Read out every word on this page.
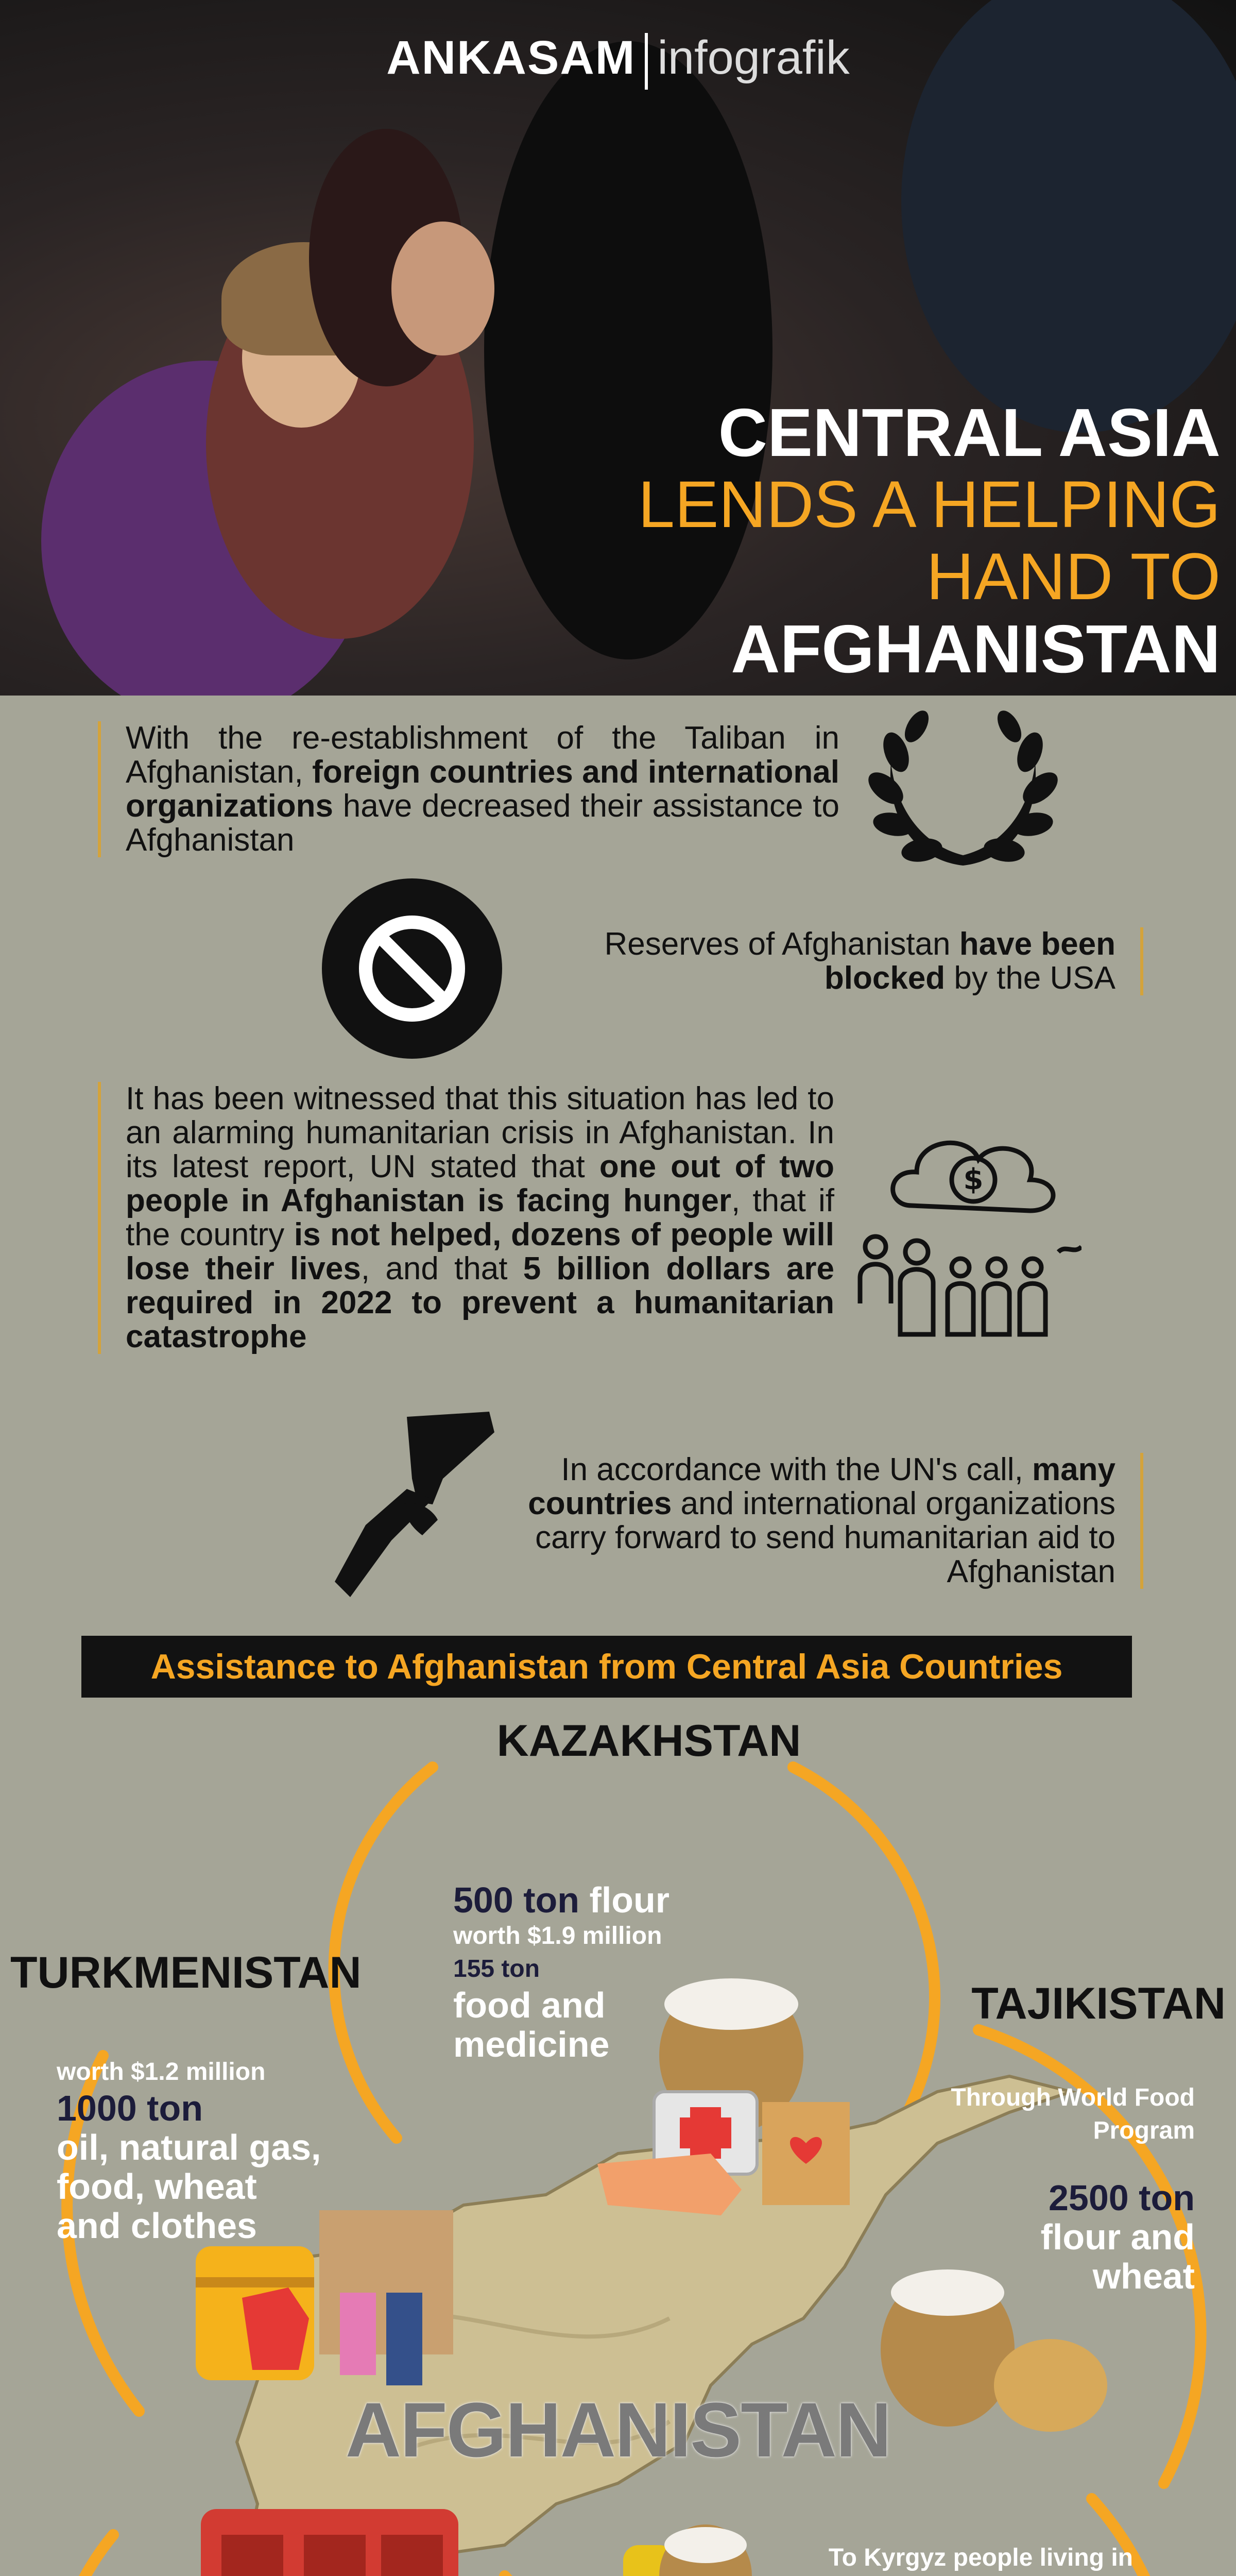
ANKASAM infografik
CENTRAL ASIA
LENDS A HELPING
HAND TO
AFGHANISTAN
With the re-establishment of the Taliban in Afghanistan, foreign countries and international organizations have decreased their assistance to Afghanistan
Reserves of Afghanistan have been blocked by the USA
It has been witnessed that this situation has led to an alarming humanitarian crisis in Afghanistan. In its latest report, UN stated that one out of two people in Afghanistan is facing hunger, that if the country is not helped, dozens of people will lose their lives, and that 5 billion dollars are required in 2022 to prevent a humanitarian catastrophe
$
In accordance with the UN's call, many countries and international organizations carry forward to send humanitarian aid to Afghanistan
Assistance to Afghanistan from Central Asia Countries
AFGHANISTAN
KAZAKHSTAN
500 ton flour
worth $1.9 million
155 ton
food and
medicine
TURKMENISTAN
worth $1.2 million
1000 ton
oil, natural gas,
food, wheat
and clothes
TAJIKISTAN
Through World Food
Program
2500 ton
flour and
wheat
To Kyrgyz people living in
